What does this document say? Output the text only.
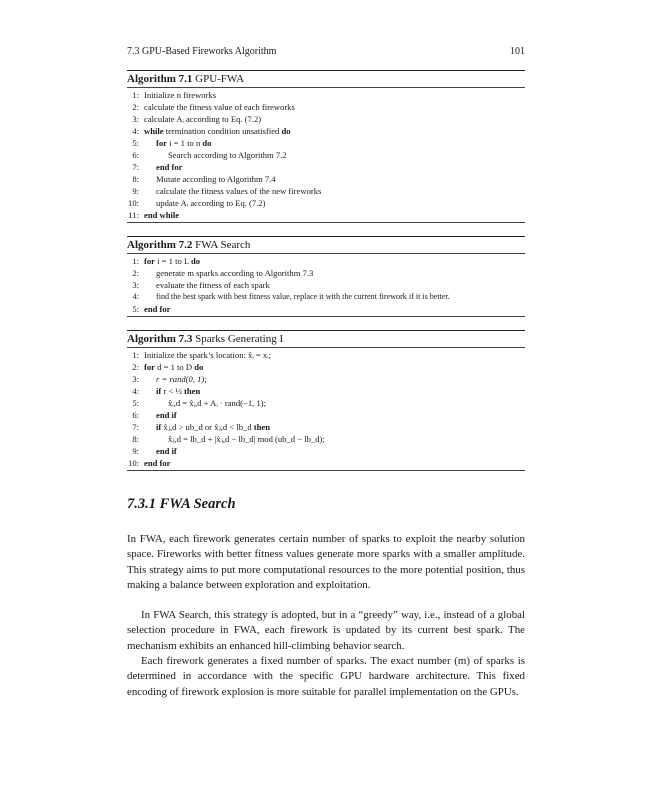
7.3 GPU-Based Fireworks Algorithm	101
Algorithm 7.1 GPU-FWA
1: Initialize n fireworks
2: calculate the fitness value of each fireworks
3: calculate Aᵢ according to Eq. (7.2)
4: while termination condition unsatisfied do
5: for i = 1 to n do
6:	Search according to Algorithm 7.2
7: end for
8: Mutate according to Algorithm 7.4
9: calculate the fitness values of the new fireworks
10: update Aᵢ according to Eq. (7.2)
11: end while
Algorithm 7.2 FWA Search
1: for i = 1 to L do
2: generate m sparks according to Algorithm 7.3
3: evaluate the fitness of each spark
4: find the best spark with best fitness value, replace it with the current firework if it is better.
5: end for
Algorithm 7.3 Sparks Generating I
1: Initialize the spark’s location: x̂ᵢ = xᵢ;
2: for d = 1 to D do
3: r = rand(0, 1);
4: if r < ½ then
5:	x̂ᵢ,d = x̂ᵢ,d + Aᵢ · rand(−1, 1);
6: end if
7: if x̂ⱼ,d > ub_d or x̂ⱼ,d < lb_d then
8:	x̂ⱼ,d = lb_d + |x̂ⱼ,d − lb_d| mod (ub_d − lb_d);
9: end if
10: end for
7.3.1 FWA Search

In FWA, each firework generates certain number of sparks to exploit the nearby solution space. Fireworks with better fitness values generate more sparks with a smaller amplitude. This strategy aims to put more computational resources to the more potential position, thus making a balance between exploration and exploitation.

In FWA Search, this strategy is adopted, but in a “greedy” way, i.e., instead of a global selection procedure in FWA, each firework is updated by its current best spark. The mechanism exhibits an enhanced hill-climbing behavior search.

Each firework generates a fixed number of sparks. The exact number (m) of sparks is determined in accordance with the specific GPU hardware architecture. This fixed encoding of firework explosion is more suitable for parallel implementation on the GPUs.
